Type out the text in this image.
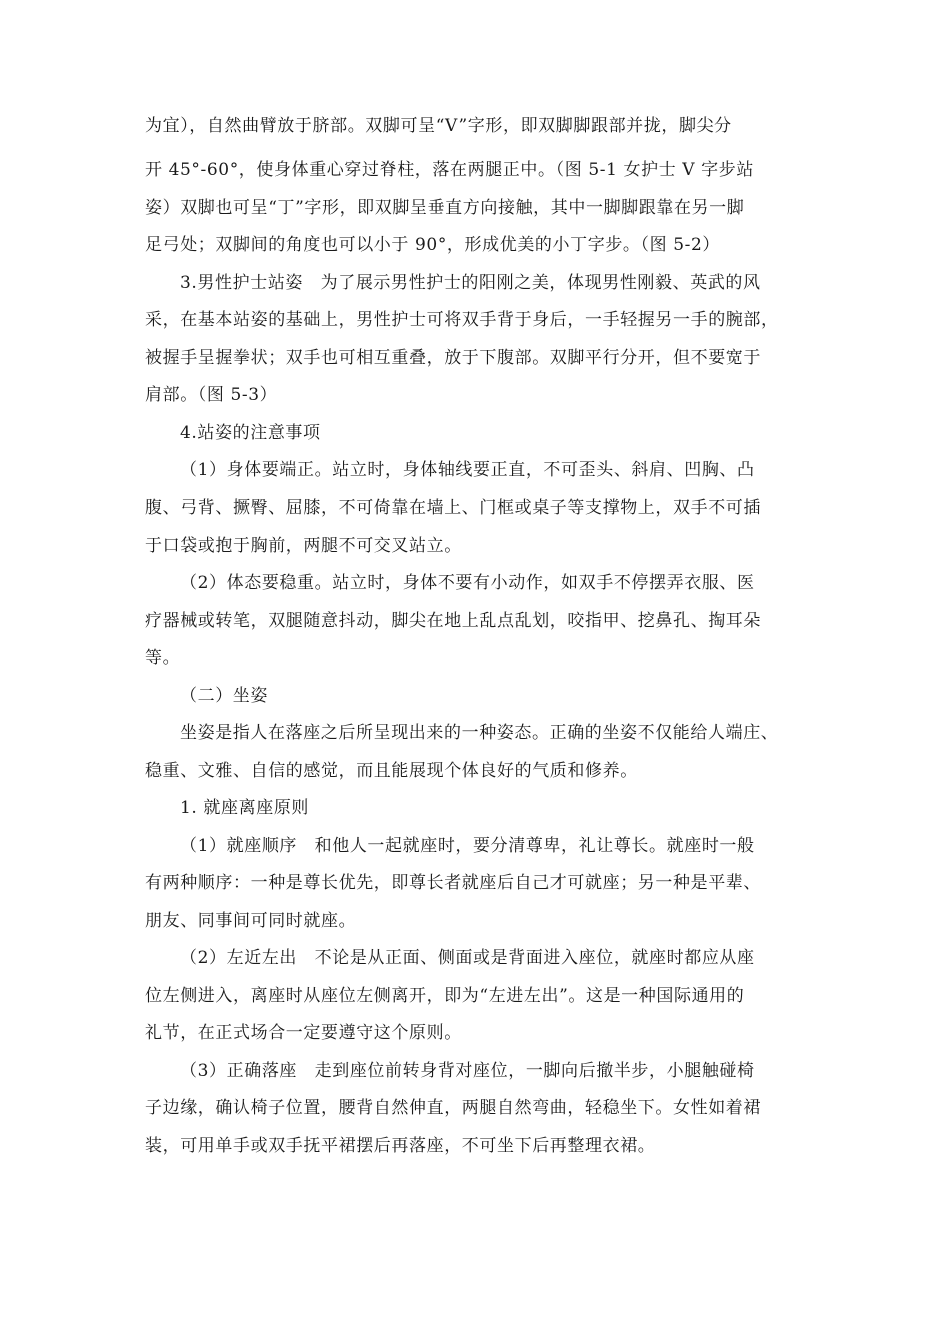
为宜），自然曲臂放于脐部。双脚可呈“V”字形，即双脚脚跟部并拢，脚尖分
开 45°-60°，使身体重心穿过脊柱，落在两腿正中。（图 5-1 女护士 V 字步站
姿）双脚也可呈“丁”字形，即双脚呈垂直方向接触，其中一脚脚跟靠在另一脚
足弓处；双脚间的角度也可以小于 90°，形成优美的小丁字步。（图 5-2）
3.男性护士站姿　为了展示男性护士的阳刚之美，体现男性刚毅、英武的风
采，在基本站姿的基础上，男性护士可将双手背于身后，一手轻握另一手的腕部，
被握手呈握拳状；双手也可相互重叠，放于下腹部。双脚平行分开，但不要宽于
肩部。（图 5-3）
4.站姿的注意事项
（1）身体要端正。站立时，身体轴线要正直，不可歪头、斜肩、凹胸、凸
腹、弓背、撅臀、屈膝，不可倚靠在墙上、门框或桌子等支撑物上，双手不可插
于口袋或抱于胸前，两腿不可交叉站立。
（2）体态要稳重。站立时，身体不要有小动作，如双手不停摆弄衣服、医
疗器械或转笔，双腿随意抖动，脚尖在地上乱点乱划，咬指甲、挖鼻孔、掏耳朵
等。
（二）坐姿
坐姿是指人在落座之后所呈现出来的一种姿态。正确的坐姿不仅能给人端庄、
稳重、文雅、自信的感觉，而且能展现个体良好的气质和修养。
1. 就座离座原则
（1）就座顺序　和他人一起就座时，要分清尊卑，礼让尊长。就座时一般
有两种顺序：一种是尊长优先，即尊长者就座后自己才可就座；另一种是平辈、
朋友、同事间可同时就座。
（2）左近左出　不论是从正面、侧面或是背面进入座位，就座时都应从座
位左侧进入，离座时从座位左侧离开，即为“左进左出”。这是一种国际通用的
礼节，在正式场合一定要遵守这个原则。
（3）正确落座　走到座位前转身背对座位，一脚向后撤半步，小腿触碰椅
子边缘，确认椅子位置，腰背自然伸直，两腿自然弯曲，轻稳坐下。女性如着裙
装，可用单手或双手抚平裙摆后再落座，不可坐下后再整理衣裙。
